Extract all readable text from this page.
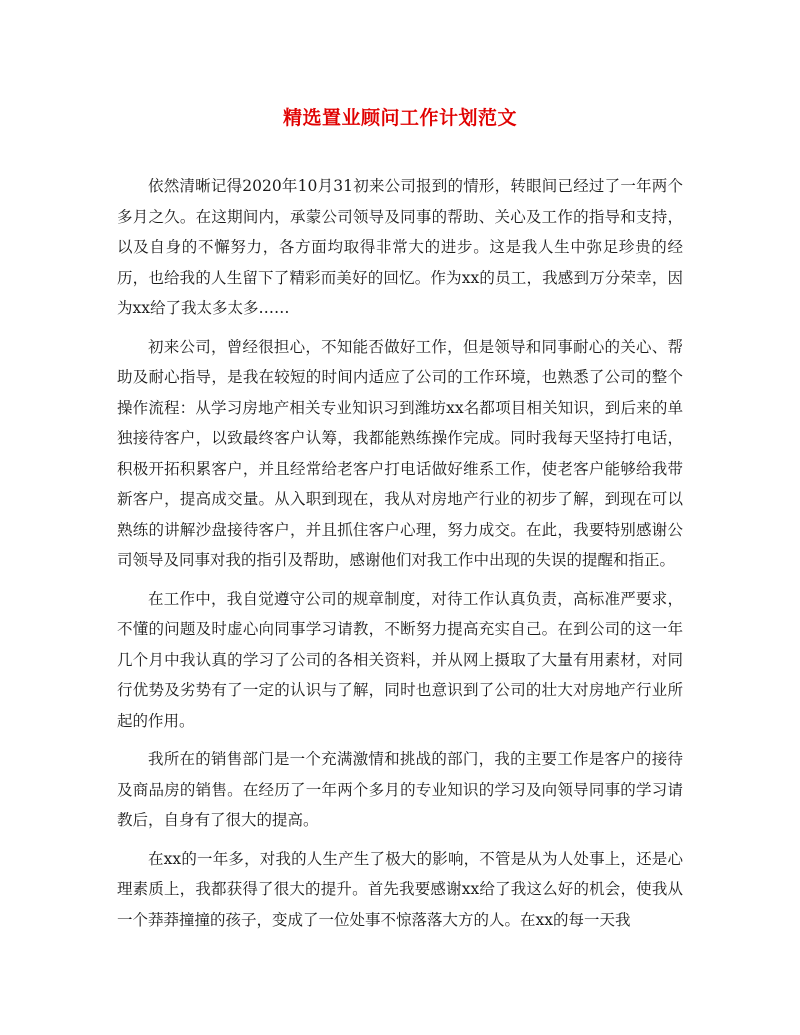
精选置业顾问工作计划范文

依然清晰记得2020年10月31初来公司报到的情形，转眼间已经过了一年两个多月之久。在这期间内，承蒙公司领导及同事的帮助、关心及工作的指导和支持，以及自身的不懈努力，各方面均取得非常大的进步。这是我人生中弥足珍贵的经历，也给我的人生留下了精彩而美好的回忆。作为xx的员工，我感到万分荣幸，因为xx给了我太多太多……

初来公司，曾经很担心，不知能否做好工作，但是领导和同事耐心的关心、帮助及耐心指导，是我在较短的时间内适应了公司的工作环境，也熟悉了公司的整个操作流程：从学习房地产相关专业知识习到潍坊xx名都项目相关知识，到后来的单独接待客户，以致最终客户认筹，我都能熟练操作完成。同时我每天坚持打电话，积极开拓积累客户，并且经常给老客户打电话做好维系工作，使老客户能够给我带新客户，提高成交量。从入职到现在，我从对房地产行业的初步了解，到现在可以熟练的讲解沙盘接待客户，并且抓住客户心理，努力成交。在此，我要特别感谢公司领导及同事对我的指引及帮助，感谢他们对我工作中出现的失误的提醒和指正。

在工作中，我自觉遵守公司的规章制度，对待工作认真负责，高标准严要求，不懂的问题及时虚心向同事学习请教，不断努力提高充实自己。在到公司的这一年几个月中我认真的学习了公司的各相关资料，并从网上摄取了大量有用素材，对同行优势及劣势有了一定的认识与了解，同时也意识到了公司的壮大对房地产行业所起的作用。

我所在的销售部门是一个充满激情和挑战的部门，我的主要工作是客户的接待及商品房的销售。在经历了一年两个多月的专业知识的学习及向领导同事的学习请教后，自身有了很大的提高。

在xx的一年多，对我的人生产生了极大的影响，不管是从为人处事上，还是心理素质上，我都获得了很大的提升。首先我要感谢xx给了我这么好的机会，使我从一个莽莽撞撞的孩子，变成了一位处事不惊落落大方的人。在xx的每一天我
